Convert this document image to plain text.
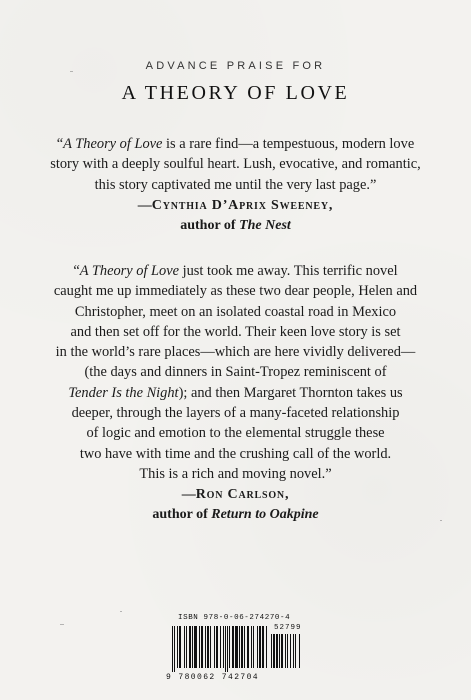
ADVANCE PRAISE FOR
A THEORY OF LOVE
“A Theory of Love is a rare find—a tempestuous, modern love
story with a deeply soulful heart. Lush, evocative, and romantic,
this story captivated me until the very last page.”
—Cynthia D’Aprix Sweeney,
author of The Nest
“A Theory of Love just took me away. This terrific novel
caught me up immediately as these two dear people, Helen and
Christopher, meet on an isolated coastal road in Mexico
and then set off for the world. Their keen love story is set
in the world’s rare places—which are here vividly delivered—
(the days and dinners in Saint-Tropez reminiscent of
Tender Is the Night); and then Margaret Thornton takes us
deeper, through the layers of a many-faceted relationship
of logic and emotion to the elemental struggle these
two have with time and the crushing call of the world.
This is a rich and moving novel.”
—Ron Carlson,
author of Return to Oakpine
ISBN 978-0-06-274270-4
52799
9 780062 742704
